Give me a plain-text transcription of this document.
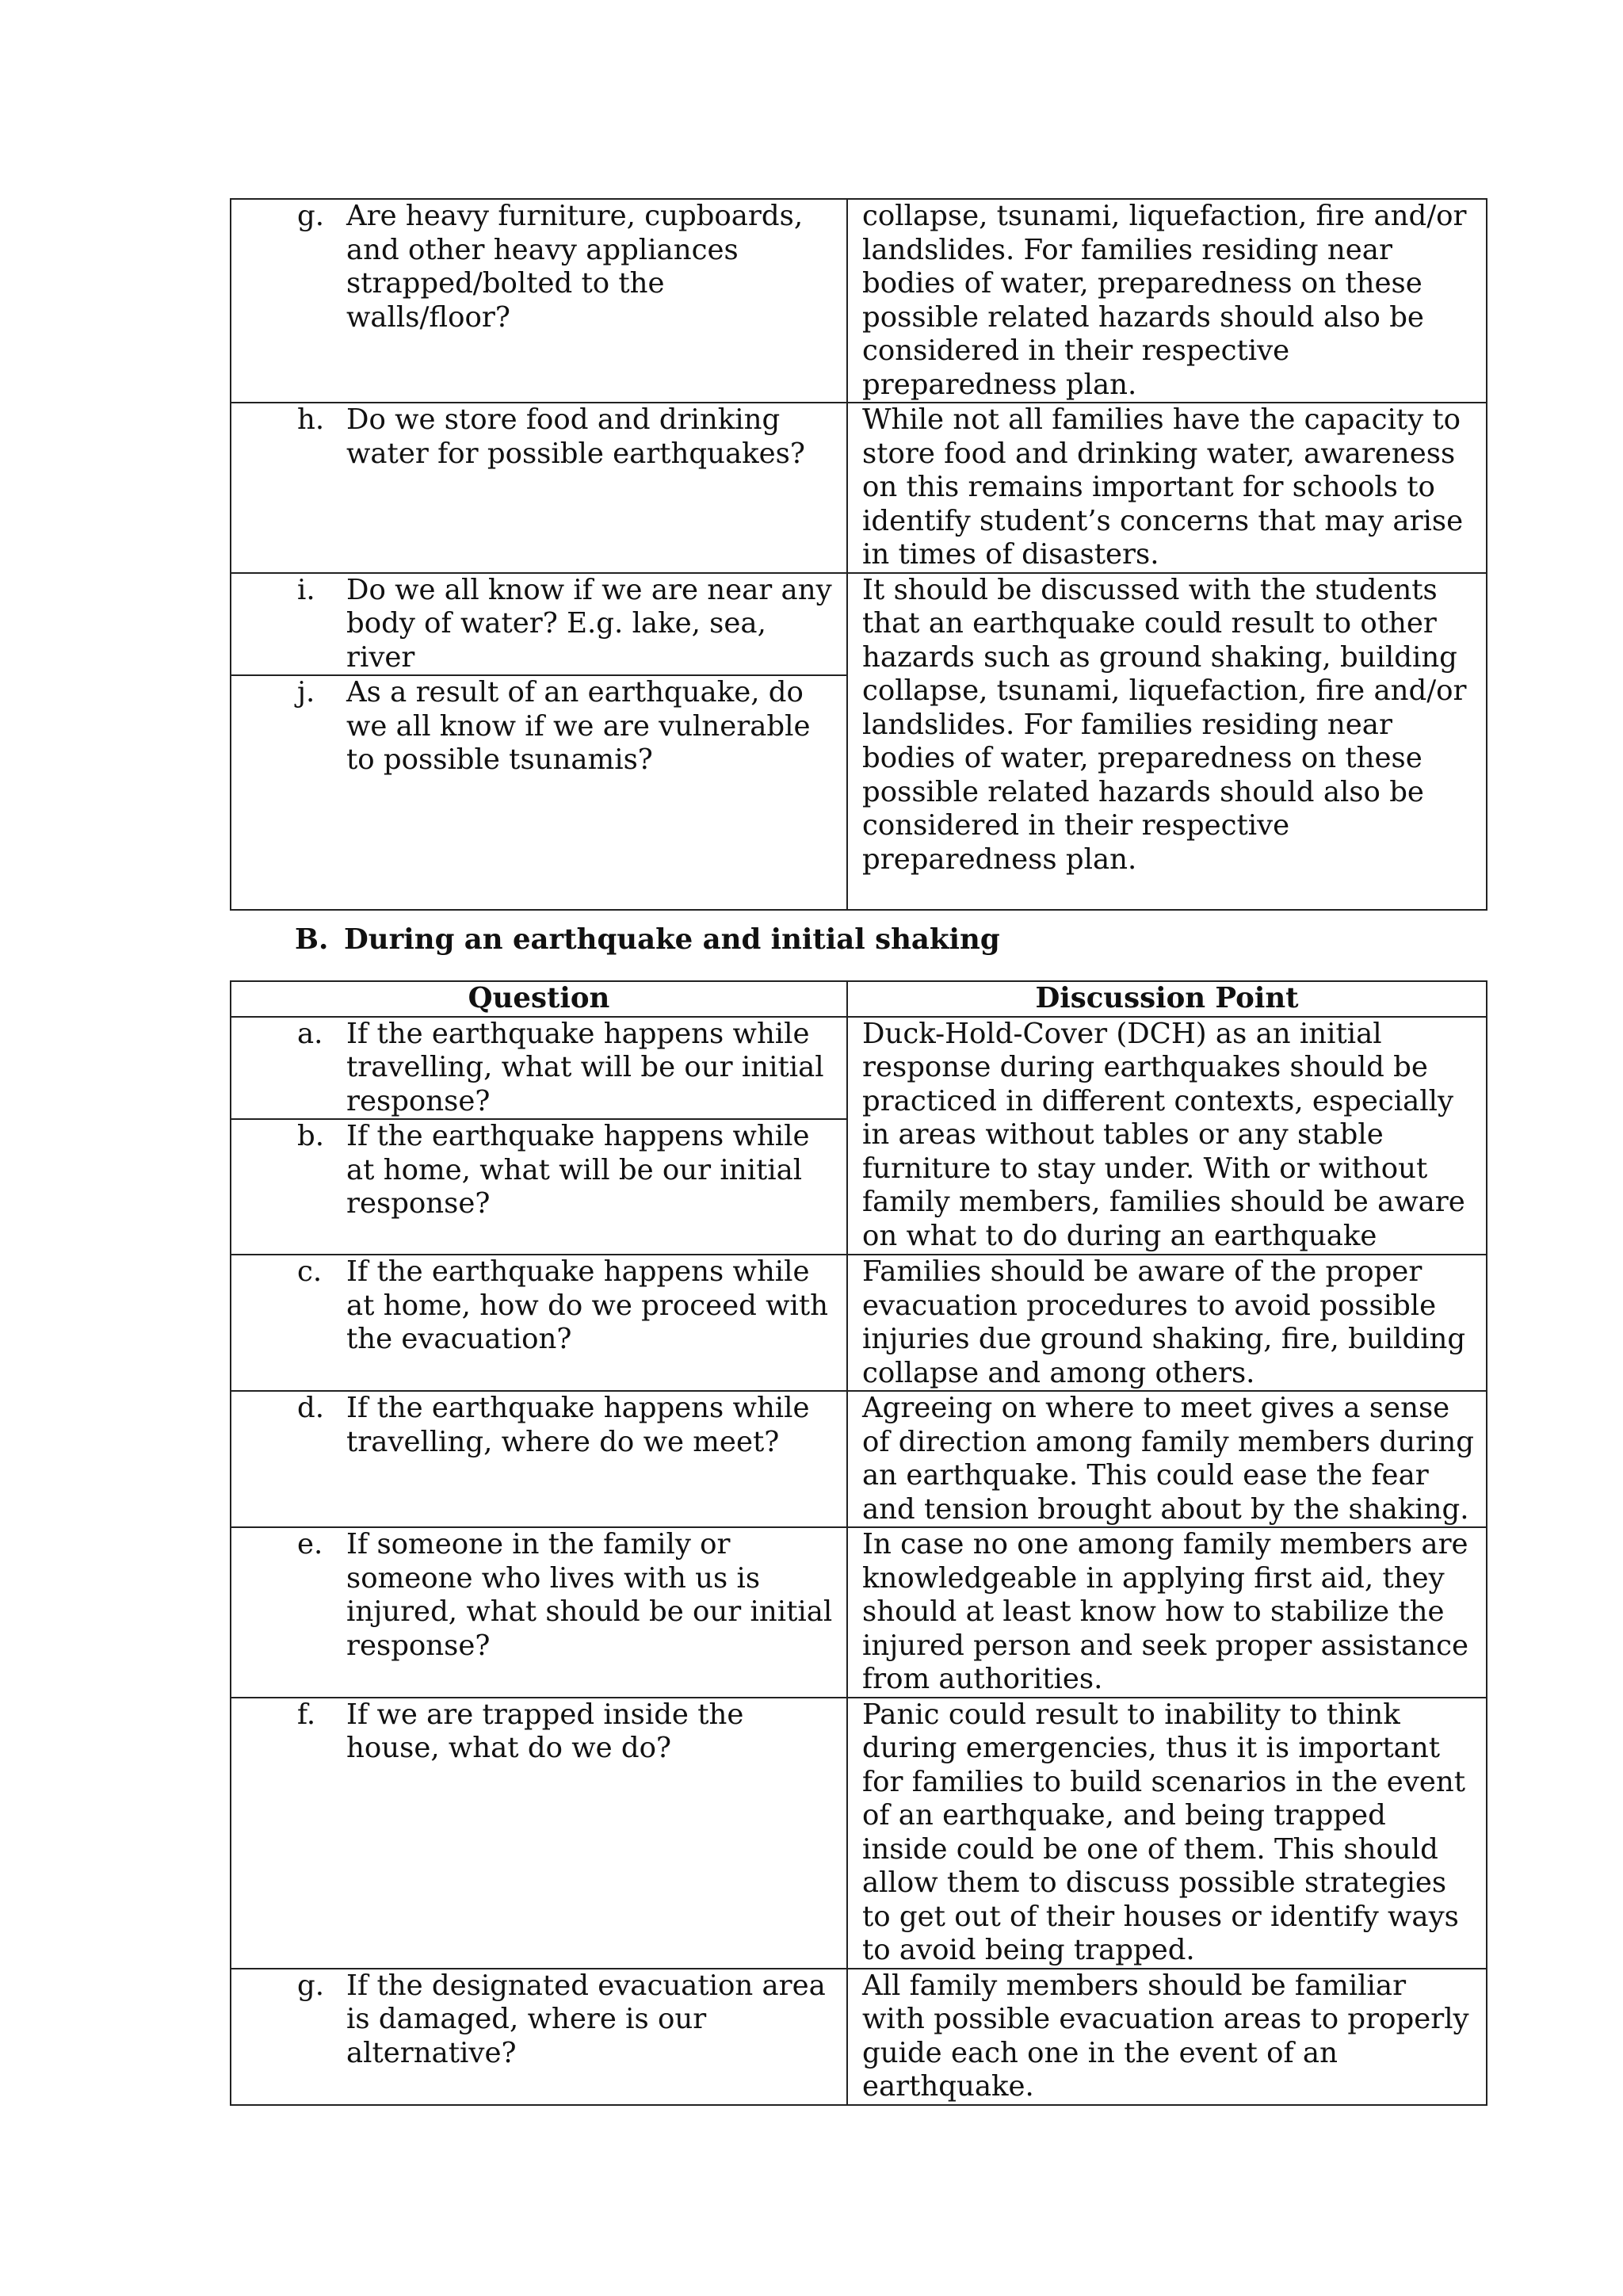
g. Are heavy furniture, cupboards, and other heavy appliances strapped/bolted to the walls/floor?	collapse, tsunami, liquefaction, fire and/or landslides. For families residing near bodies of water, preparedness on these possible related hazards should also be considered in their respective preparedness plan.

h. Do we store food and drinking water for possible earthquakes?	While not all families have the capacity to store food and drinking water, awareness on this remains important for schools to identify student’s concerns that may arise in times of disasters.

i. Do we all know if we are near any body of water? E.g. lake, sea, river	It should be discussed with the students that an earthquake could result to other hazards such as ground shaking, building collapse, tsunami, liquefaction, fire and/or landslides. For families residing near bodies of water, preparedness on these possible related hazards should also be considered in their respective preparedness plan.

j. As a result of an earthquake, do we all know if we are vulnerable to possible tsunamis?	
B. During an earthquake and initial shaking
Question	Discussion Point

a. If the earthquake happens while travelling, what will be our initial response?	Duck-Hold-Cover (DCH) as an initial response during earthquakes should be practiced in different contexts, especially in areas without tables or any stable furniture to stay under. With or without family members, families should be aware on what to do during an earthquake

b. If the earthquake happens while at home, what will be our initial response?	

c. If the earthquake happens while at home, how do we proceed with the evacuation?	Families should be aware of the proper evacuation procedures to avoid possible injuries due ground shaking, fire, building collapse and among others.

d. If the earthquake happens while travelling, where do we meet?	Agreeing on where to meet gives a sense of direction among family members during an earthquake. This could ease the fear and tension brought about by the shaking.

e. If someone in the family or someone who lives with us is injured, what should be our initial response?	In case no one among family members are knowledgeable in applying first aid, they should at least know how to stabilize the injured person and seek proper assistance from authorities.

f. If we are trapped inside the house, what do we do?	Panic could result to inability to think during emergencies, thus it is important for families to build scenarios in the event of an earthquake, and being trapped inside could be one of them. This should allow them to discuss possible strategies to get out of their houses or identify ways to avoid being trapped.

g. If the designated evacuation area is damaged, where is our alternative?	All family members should be familiar with possible evacuation areas to properly guide each one in the event of an earthquake.
